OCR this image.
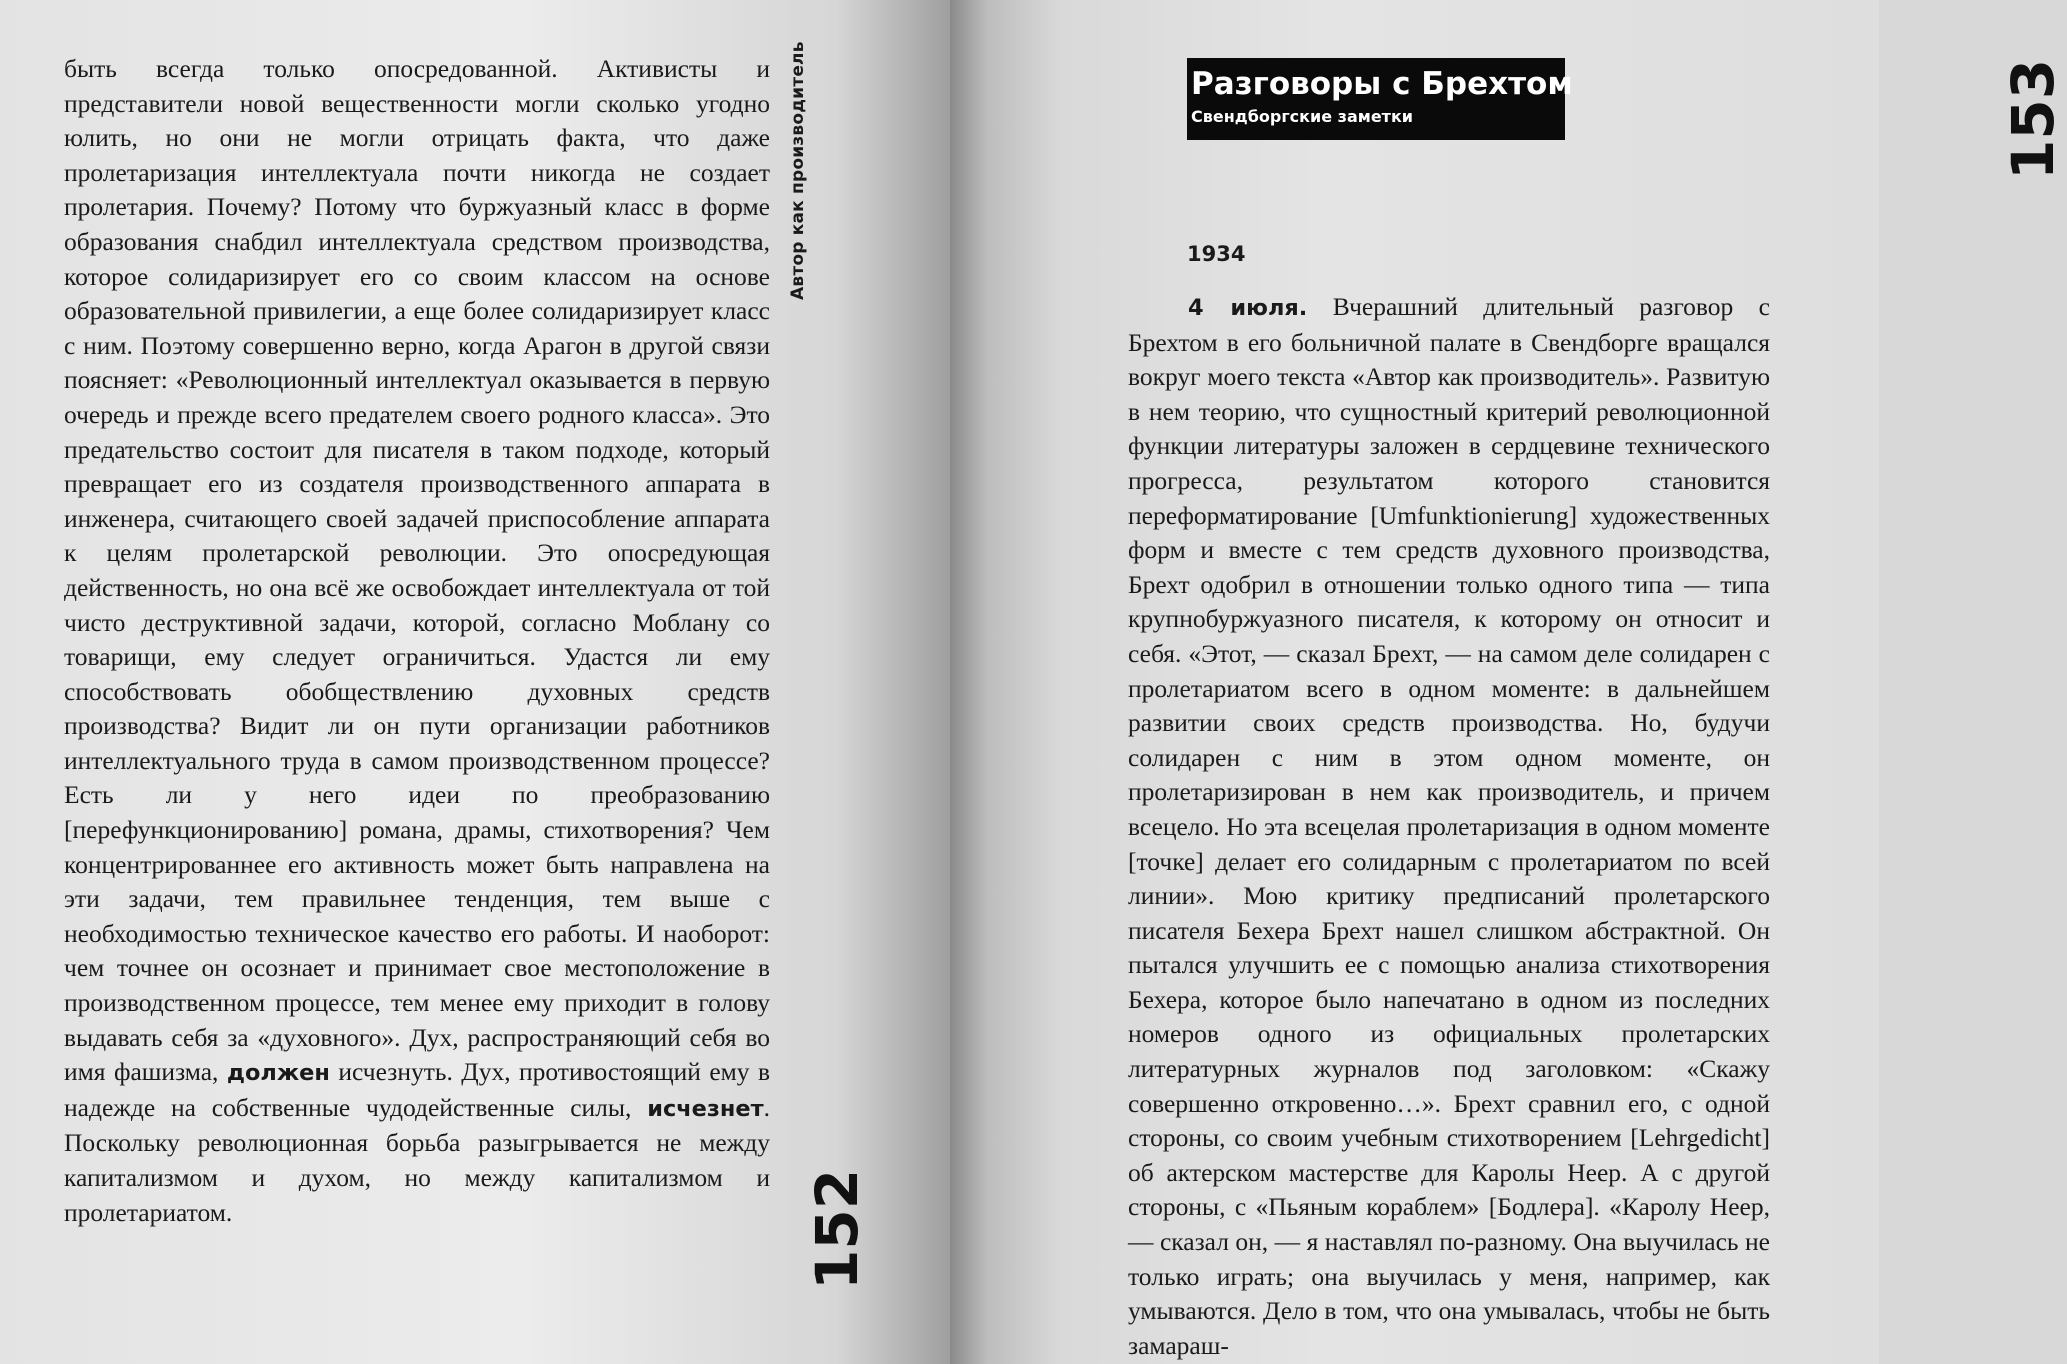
быть всегда только опосредованной. Активисты и представители новой вещественности могли сколько угодно юлить, но они не могли отрицать факта, что даже пролетаризация интеллектуала почти никогда не создает пролетария. Почему? Потому что буржуазный класс в форме образования снабдил интеллектуала средством производства, которое солидаризирует его со своим классом на основе образовательной привилегии, а еще более солидаризирует класс с ним. Поэтому совершенно верно, когда Арагон в другой связи поясняет: «Революционный интеллектуал оказывается в первую очередь и прежде всего предателем своего родного класса». Это предательство состоит для писателя в таком подходе, который превращает его из создателя производственного аппарата в инженера, считающего своей задачей приспособление аппарата к целям пролетарской революции. Это опосредующая действенность, но она всё же освобождает интеллектуала от той чисто деструктивной задачи, которой, согласно Моблану со товарищи, ему следует ограничиться. Удастся ли ему способствовать обобществлению духовных средств производства? Видит ли он пути организации работников интеллектуального труда в самом производственном процессе? Есть ли у него идеи по преобразованию [перефункционированию] романа, драмы, стихотворения? Чем концентрированнее его активность может быть направлена на эти задачи, тем правильнее тенденция, тем выше с необходимостью техническое качество его работы. И наоборот: чем точнее он осознает и принимает свое местоположение в производственном процессе, тем менее ему приходит в голову выдавать себя за «духовного». Дух, распространяющий себя во имя фашизма, должен исчезнуть. Дух, противостоящий ему в надежде на собственные чудодейственные силы, исчезнет. Поскольку революционная борьба разыгрывается не между капитализмом и духом, но между капитализмом и пролетариатом.

Автор как производитель
152
153
Разговоры с Брехтом
Свендборгские заметки
1934

4 июля. Вчерашний длительный разговор с Брехтом в его больничной палате в Свендборге вращался вокруг моего текста «Автор как производитель». Развитую в нем теорию, что сущностный критерий революционной функции литературы заложен в сердцевине технического прогресса, результатом которого становится переформатирование [Umfunktionierung] художественных форм и вместе с тем средств духовного производства, Брехт одобрил в отношении только одного типа — типа крупнобуржуазного писателя, к которому он относит и себя. «Этот, — сказал Брехт, — на самом деле солидарен с пролетариатом всего в одном моменте: в дальнейшем развитии своих средств производства. Но, будучи солидарен с ним в этом одном моменте, он пролетаризирован в нем как производитель, и причем всецело. Но эта всецелая пролетаризация в одном моменте [точке] делает его солидарным с пролетариатом по всей линии». Мою критику предписаний пролетарского писателя Бехера Брехт нашел слишком абстрактной. Он пытался улучшить ее с помощью анализа стихотворения Бехера, которое было напечатано в одном из последних номеров одного из официальных пролетарских литературных журналов под заголовком: «Скажу совершенно откровенно…». Брехт сравнил его, с одной стороны, со своим учебным стихотворением [Lehrgedicht] об актерском мастерстве для Каролы Неер. А с другой стороны, с «Пьяным кораблем» [Бодлера]. «Каролу Неер, — сказал он, — я наставлял по-разному. Она выучилась не только играть; она выучилась у меня, например, как умываются. Дело в том, что она умывалась, чтобы не быть замараш-
